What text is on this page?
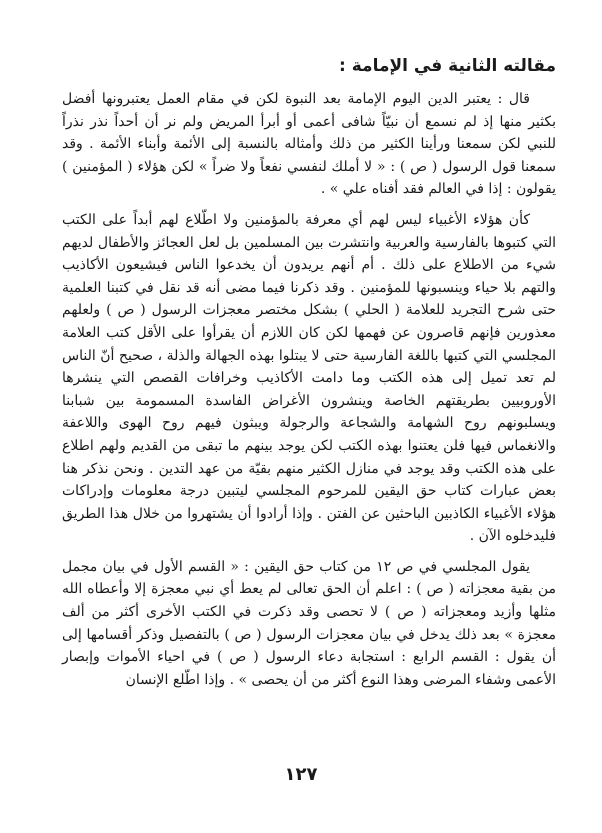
مقالته الثانية في الإمامة :

قال : يعتبر الدين اليوم الإمامة بعد النبوة لكن في مقام العمل يعتبرونها أفضل بكثير منها إذ لم نسمع أن نبيّاً شافى أعمى أو أبرأ المريض ولم نر أن أحداً نذر نذراً للنبي لكن سمعنا ورأينا الكثير من ذلك وأمثاله بالنسبة إلى الأئمة وأبناء الأئمة . وقد سمعنا قول الرسول ( ص ) : « لا أملك لنفسي نفعاً ولا ضراً » لكن هؤلاء ( المؤمنين ) يقولون : إذا في العالم فقد أفناه علي » .

كأن هؤلاء الأغبياء ليس لهم أي معرفة بالمؤمنين ولا اطّلاع لهم أبداً على الكتب التي كتبوها بالفارسية والعربية وانتشرت بين المسلمين بل لعل العجائز والأطفال لديهم شيء من الاطلاع على ذلك . أم أنهم يريدون أن يخدعوا الناس فيشيعون الأكاذيب والتهم بلا حياء وينسبونها للمؤمنين . وقد ذكرنا فيما مضى أنه قد نقل في كتبنا العلمية حتى شرح التجريد للعلامة ( الحلي ) بشكل مختصر معجزات الرسول ( ص ) ولعلهم معذورين فإنهم قاصرون عن فهمها لكن كان اللازم أن يقرأوا على الأقل كتب العلامة المجلسي التي كتبها باللغة الفارسية حتى لا يبتلوا بهذه الجهالة والذلة ، صحيح أنّ الناس لم تعد تميل إلى هذه الكتب وما دامت الأكاذيب وخرافات القصص التي ينشرها الأوروبيين بطريقتهم الخاصة وينشرون الأغراض الفاسدة المسمومة بين شبابنا ويسلبونهم روح الشهامة والشجاعة والرجولة ويبثون فيهم روح الهوى واللاعفة والانغماس فيها فلن يعتنوا بهذه الكتب لكن يوجد بينهم ما تبقى من القديم ولهم اطلاع على هذه الكتب وقد يوجد في منازل الكثير منهم بقيّة من عهد التدين . ونحن نذكر هنا بعض عبارات كتاب حق اليقين للمرحوم المجلسي ليتبين درجة معلومات وإدراكات هؤلاء الأغبياء الكاذبين الباحثين عن الفتن . وإذا أرادوا أن يشتهروا من خلال هذا الطريق فليدخلوه الآن .

يقول المجلسي في ص ١٢ من كتاب حق اليقين : « القسم الأول في بيان مجمل من بقية معجزاته ( ص ) : اعلم أن الحق تعالى لم يعط أي نبي معجزة إلا وأعطاه الله مثلها وأزيد ومعجزاته ( ص ) لا تحصى وقد ذكرت في الكتب الأخرى أكثر من ألف معجزة » بعد ذلك يدخل في بيان معجزات الرسول ( ص ) بالتفصيل وذكر أقسامها إلى أن يقول : القسم الرابع : استجابة دعاء الرسول ( ص ) في احياء الأموات وإبصار الأعمى وشفاء المرضى وهذا النوع أكثر من أن يحصى » . وإذا اطّلع الإنسان

١٢٧
